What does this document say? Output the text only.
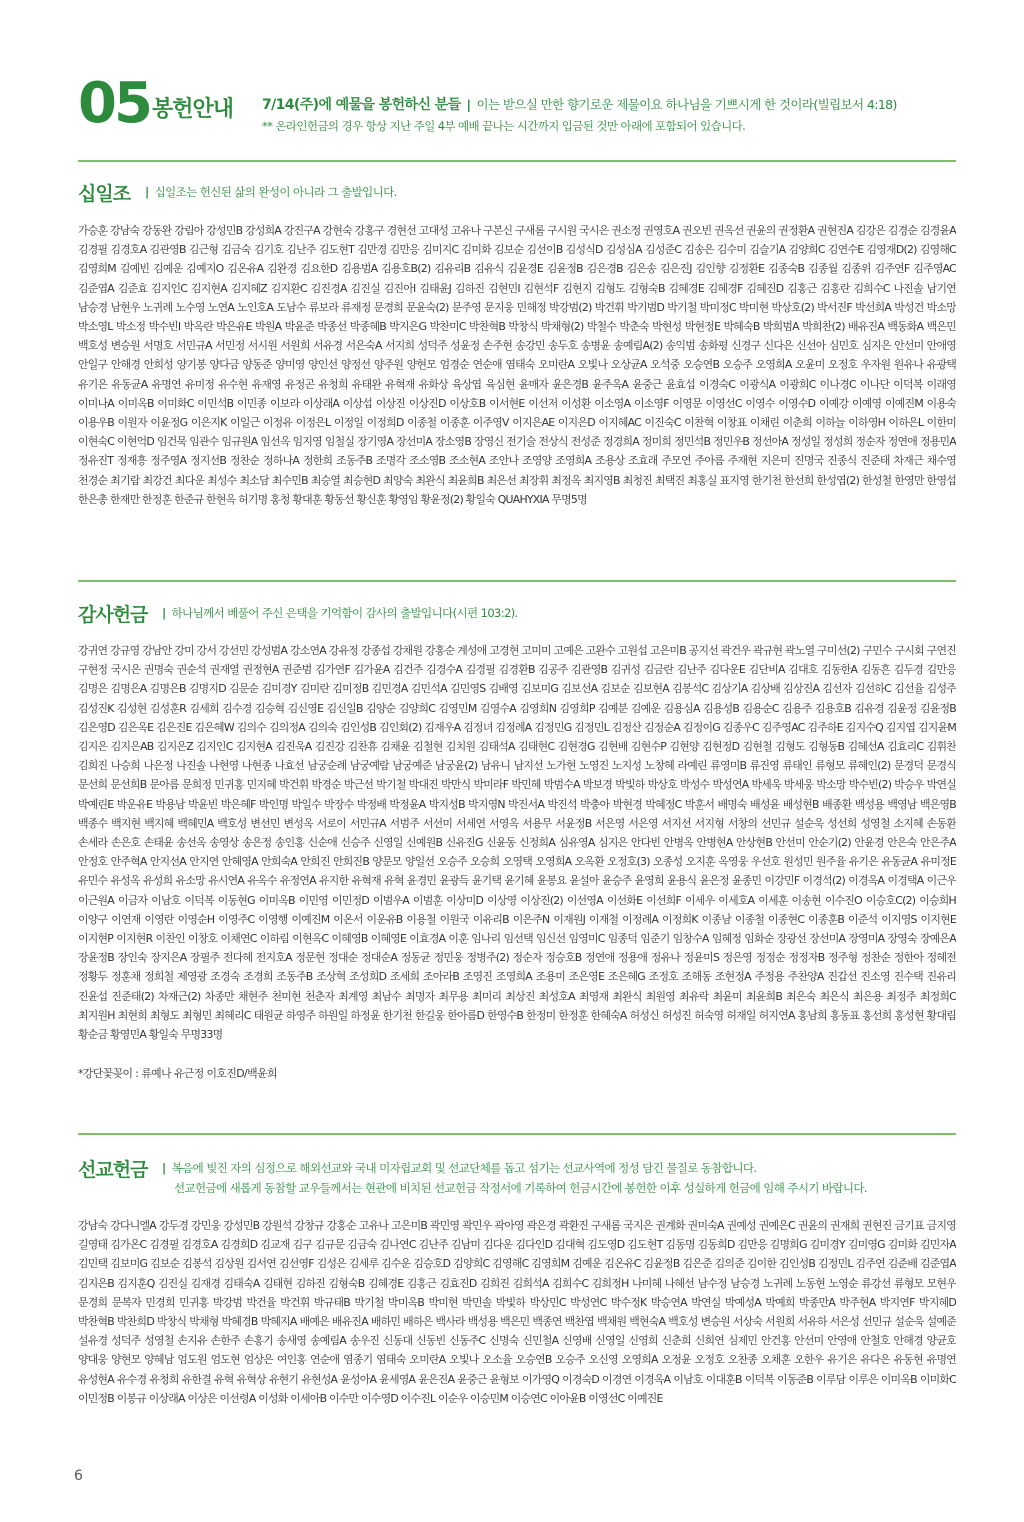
05 봉헌안내 7/14(주)에 예물을 봉헌하신 분들 | 이는 받으실 만한 향기로운 제물이요 하나님을 기쁘시게 한 것이라(빌립보서 4:18)
** 온라인헌금의 경우 항상 지난 주일 4부 예배 끝나는 시간까지 입금된 것만 아래에 포함되어 있습니다.
십일조 | 십일조는 헌신된 삶의 완성이 아니라 그 출발입니다.
가승훈 강남숙 강동완 강림아 강성민B 강성희A 강진구A 강현숙 강홍구 경현선 고대성 고유나 구본신 구새롬 구시원 국시은 권소정 권영호A 권오빈 권옥선 권윤의 권정환A 권현진A 김강은 김경순 김경윤A 김경필 김경호A 김관영B 김근형 김금숙 김기호 김난주 김도현T 김만경 김만응 김미지C 김미화 김보순 김선이B 김성식D 김성심A 김성준C 김송은 김수미 김슬기A 김양희C 김연수E 김영재D(2) 김영해C 김영희M 김예빈 김예운 김예지O 김온유A 김완경 김요한D 김용범A 김용호B(2) 김유리B 김유식 김윤경E 김윤정B 김은경B 김은송 김은진J 김인향 김정환E 김종숙B 김종월 김종위 김주연F 김주영AC 김준엽A 김준효 김지인C 김지현A 김지혜Z 김지환C 김진경A 김진실 김진아I 김태윤J 김하진 김현민I 김현석F 김현지 김형도 김형숙B 김혜경E 김혜경F 김혜진D 김홍근 김홍란 김희수C 나진솔 남기연 남승경 남현우 노귀례 노수영 노연A 노인호A 도남수 류보라 류재정 문경희 문윤숙(2) 문주영 문지웅 민해정 박강범(2) 박건휘 박기범D 박기철 박미정C 박미현 박상호(2) 박서진F 박선희A 박성건 박소망 박소영L 박소정 박수빈I 박옥란 박은유E 박원A 박윤준 박종선 박종혜B 박지은G 박찬미C 박찬혁B 박창식 박채형(2) 박철수 박춘숙 박현성 박현정E 박혜숙B 박희범A 박희찬(2) 배유진A 백동화A 백은민 백호성 변승원 서명호 서민규A 서민정 서시원 서원희 서유경 서은숙A 서지희 성덕주 성윤정 손주현 송강민 송두호 송병윤 송예림A(2) 송익범 송화평 신경구 신다은 신선아 심민호 심지은 안선미 안애영 안일구 안해경 안희성 양기봉 양다금 양동준 양미영 양인선 양정선 양주원 양현모 엄경순 연순애 염태숙 오미란A 오빛나 오상균A 오석중 오승연B 오승주 오영희A 오윤미 오정호 우자원 원유나 유광택 유기은 유동균A 유명연 유미정 유수현 유재영 유정곤 유청희 유태완 유혁재 유화상 육상엽 육심현 윤매자 윤은경B 윤주옥A 윤중근 윤효섭 이경숙C 이광식A 이광희C 이나경C 이나단 이덕복 이래영 이미나A 이미옥B 이미화C 이민석B 이민종 이보라 이상래A 이상섭 이상진 이상진D 이상호B 이서현E 이선저 이성환 이소영A 이소영F 이영문 이영선C 이영수 이영수D 이예강 이예영 이예진M 이용숙 이용우B 이원자 이윤정G 이은지K 이일근 이정유 이정은L 이정일 이정희D 이종철 이종훈 이주영V 이지은AE 이지은D 이지혜AC 이진숙C 이찬혁 이창표 이채린 이춘희 이하늘 이하영H 이하은L 이한미 이현숙C 이현억D 임건묵 임관수 임규원A 임선옥 임지영 임철실 장기영A 장선미A 장소영B 장영신 전기술 전상식 전성준 정경희A 정미희 정민석B 정민우B 정선아A 정성일 정성희 정순자 정연애 정용민A 정유진T 정재흥 정주영A 정지선B 정찬순 정하나A 정한희 조동주B 조명각 조소영B 조소현A 조안나 조영양 조영희A 조용상 조효래 주모연 주아름 주재현 지은미 진명국 진종식 진준태 차재근 채수영 천경순 최기람 최강건 최다운 최성수 최소담 최수민B 최승열 최승현D 최양숙 최완식 최윤희B 최은선 최장휘 최정옥 최지영B 최청진 최택진 최홍실 표지영 한기천 한선희 한성엽(2) 한성철 한영만 한영섭 한은총 한재만 한정훈 한준규 한현옥 허기명 홍청 황대훈 황동선 황신훈 황영임 황윤정(2) 황일숙 QUAHYXIA 무명5명
감사헌금 | 하나님께서 베풀어 주신 은택을 기억함이 감사의 출발입니다(시편 103:2).
강귀연 강규영 강남안 강미 강서 강선민 강성범A 강소연A 강유정 강종섭 강채원 강홍순 계성애 고경현 고미미 고예은 고완수 고원섭 고은미B 공지선 곽건우 곽규현 곽노열 구미선(2) 구민수 구시회 구연진 구현정 국시은 권명숙 권순석 권재열 권정현A 권준범 김가연F 김가윤A 김건주 김경수A 김경필 김경환B 김공주 김관영B 김귀성 김금란 김난주 김다운E 김단비A 김대호 김동한A 김동흔 김두경 김만응 김명은 김명은A 김명은B 김명지D 김문순 김미경Y 김미란 김미정B 김민경A 김민석A 김민영S 김배영 김보미G 김보선A 김보순 김보현A 김봉석C 김상기A 김상배 김상진A 김선자 김선하C 김선율 김성주 김성진K 김성현 김성훈R 김세희 김수경 김승혁 김신영E 김신일B 김양순 김양희C 김영민M 김영수A 김영희N 김영희P 김예분 김예운 김용심A 김용성B 김용순C 김용주 김용호B 김유경 김윤정 김윤정B 김은영D 김은옥E 김은진E 김은혜W 김의수 김의정A 김의숙 김인성B 김인회(2) 김재우A 김정녀 김정례A 김정민G 김정민L 김정산 김정순A 김정이G 김종우C 김주영AC 김주하E 김지수Q 김지엽 김지윤M 김지은 김지은AB 김지은Z 김지인C 김지현A 김진욱A 김진강 김찬휴 김채윤 김철현 김치원 김태석A 김태현C 김현경G 김현배 김현수P 김현양 김현정D 김현철 김형도 김형동B 김혜선A 김효리C 김휘찬 김희진 나승희 나은정 나진솔 나현영 나현종 나효선 남궁순례 남궁예람 남궁예준 남궁윤(2) 남유니 남지선 노가현 노영진 노지성 노창혜 라예린 류영미B 류진영 류태인 류형모 류혜인(2) 문경덕 문경식 문선희 문선희B 문아름 문희정 민귀홍 민지혜 박건휘 박경순 박근선 박기철 박대진 박만식 박미라F 박민혜 박범수A 박보경 박빛하 박상호 박성수 박성연A 박세욱 박세웅 박소망 박수빈(2) 박승우 박연실 박예린E 박운유E 박용남 박윤빈 박은혜F 박인명 박일수 박장수 박정배 박정윤A 박지성B 박지영N 박진서A 박진석 박충아 박현경 박혜정C 박훈서 배명숙 배성윤 배성현B 배종환 백성용 백영남 백은영B 백종수 백지현 백지혜 백혜민A 백호성 변선민 변성옥 서로이 서민규A 서범주 서선미 서세연 서영옥 서용무 서윤정B 서은영 서은영 서지선 서지형 서창의 선민규 설순욱 성선희 성영철 소지혜 손동환 손세라 손은호 손태윤 송선옥 송영상 송은정 송인홍 신순애 신승주 신영일 신예원B 신유진G 신윤동 신정희A 심유영A 심지은 안다빈 안병옥 안병현A 안상현B 안선미 안순기(2) 안윤경 안은숙 안은주A 안정호 안주혁A 안지선A 안지연 안혜영A 안희숙A 안희진 안희진B 양문모 양일선 오승주 오승희 오영택 오영희A 오옥환 오정호(3) 오종성 오지훈 옥영웅 우선호 원성민 원주율 유기은 유동균A 유미정E 유민수 유성옥 유성희 유소망 유시연A 유옥수 유정연A 유지한 유혁재 유혁 윤경민 윤광득 윤기택 윤기혜 윤봉요 윤설아 윤승주 윤영희 윤용식 윤은정 윤종민 이강민F 이경석(2) 이경옥A 이경택A 이근우 이근원A 이금자 이남호 이덕복 이동현G 이미옥B 이민영 이민정D 이범우A 이범훈 이상미D 이상영 이상진(2) 이선영A 이선화E 이선희F 이세우 이세호A 이세훈 이송현 이수진O 이승호C(2) 이승희H 이양구 이연재 이영란 이영순H 이영주C 이영행 이예진M 이온서 이운유B 이용철 이원국 이유리B 이은주N 이재원J 이재철 이정례A 이정희K 이종남 이종철 이종현C 이종훈B 이준석 이지영S 이지현E 이지현P 이지현R 이찬인 이창호 이채연C 이하림 이현옥C 이혜영B 이혜영E 이효경A 이훈 임나리 임선택 임신선 임영미C 임종덕 임준기 임창수A 임혜정 임화순 장광선 장선미A 장영미A 장영숙 장예은A 장윤정B 장인숙 장지은A 장필주 전다혜 전지호A 정문현 정대순 정대순A 정동균 정민웅 정병주(2) 정순자 정승호B 정연애 정용애 정유나 정윤미S 정은영 정정순 정정자B 정주형 정찬순 정한아 정혜전 정황두 정훈채 정희철 제영광 조경숙 조경희 조동주B 조상혁 조성희D 조세희 조아라B 조영진 조영희A 조용미 조은영E 조은혜G 조정호 조해동 조현정A 주정용 주찬양A 진갑선 진소영 진수택 진유리 진윤섭 진준태(2) 차재근(2) 차종만 채현주 천미현 천춘자 최계영 최남수 최명자 최무용 최미리 최상진 최성호A 최영재 최완식 최원영 최유락 최윤미 최윤희B 최은숙 최은식 최은용 최정주 최정희C 최지원H 최현희 최형도 최형민 최혜리C 태원균 하영주 하원일 하정윤 한기천 한길웅 한아름D 한영수B 한정미 한정훈 한혜숙A 허성신 허성진 허숙영 허재일 허지연A 홍남희 홍동표 홍선희 홍성현 황대림 황순금 황영민A 황일숙 무명33명
*강단꽃꽂이 : 류예나 유근정 이호진D/백윤희
선교헌금 | 복음에 빚진 자의 심정으로 해외선교와 국내 미자립교회 및 선교단체를 돕고 섬기는 선교사역에 정성 담긴 물질로 동참합니다.
선교헌금에 새롭게 동참할 교우들께서는 현관에 비치된 선교헌금 작정서에 기록하여 헌금시간에 봉헌한 이후 성실하게 헌금에 임해 주시기 바랍니다.
강남숙 강다니엘A 강두경 강민웅 강성민B 강원석 강창규 강홍순 고유나 고은미B 곽민영 곽민우 곽아영 곽은경 곽환진 구새롬 국지은 권계화 권미숙A 권예성 권예은C 권윤의 권재희 권현진 금기표 금지영 길영태 김가온C 김경필 김경호A 김경희D 김교재 김구 김규문 김금숙 김나연C 김난주 김남미 김다운 김다인D 김대혁 김도영D 김도현T 김동명 김동희D 김만응 김명희G 김미경Y 김미영G 김미화 김민자A 김민택 김보미G 김보순 김봉석 김상원 김서연 김선영F 김성은 김세루 김수운 김승호D 김양희C 김영해C 김영희M 김예운 김온유C 김윤정B 김은준 김의준 김이한 김인성B 김정민L 김주연 김준배 김준엽A 김지은B 김지훈Q 김진실 김재경 김태숙A 김태현 김하진 김형숙B 김혜경E 김홍근 김효진D 김희진 김희석A 김희수C 김희정H 나미혜 나혜선 남수정 남승경 노귀례 노동현 노영순 류강선 류형모 모현우 문경희 문복자 민경희 민귀홍 박강범 박건율 박건휘 박규태B 박기철 박미옥B 박미현 박민솔 박빛하 박상민C 박성연C 박수정K 박승연A 박연실 박예성A 박예희 박종만A 박주현A 박지연F 박지혜D 박찬혁B 박찬희D 박창식 박채형 박혜경B 박혜지A 배예은 배유진A 배하민 배하은 백사라 백성용 백은민 백종연 백찬엽 백채원 백현숙A 백호성 변승원 서상숙 서원희 서유하 서은성 선민규 설순욱 설예준 설유경 성덕주 성영철 손지유 손한주 손홍기 송새영 송예림A 송우진 신동대 신동빈 신동주C 신명숙 신민철A 신영배 신영일 신영희 신춘희 신희연 심제민 안건홍 안선미 안영애 안철호 안해경 양균호 양대웅 양현모 양혜남 엄도원 엄도현 엄상은 여인홍 연순애 염종기 염태숙 오미란A 오빛나 오소율 오승연B 오승주 오신영 오영희A 오정윤 오정호 오찬종 오채훈 오한우 유기은 유다은 유동현 유명연 유성현A 유수경 유청희 유한결 유혁 유혁상 유현기 유현성A 윤성아A 윤세영A 윤은진A 윤중근 윤형보 이가영Q 이경숙D 이경연 이경옥A 이남호 이대훈B 이덕복 이동준B 이루담 이루은 이미옥B 이미화C 이민정B 이봉규 이상래A 이상은 이선령A 이성화 이세아B 이수만 이수영D 이수진L 이순우 이승민M 이승연C 이아윤B 이영선C 이예진E
6
